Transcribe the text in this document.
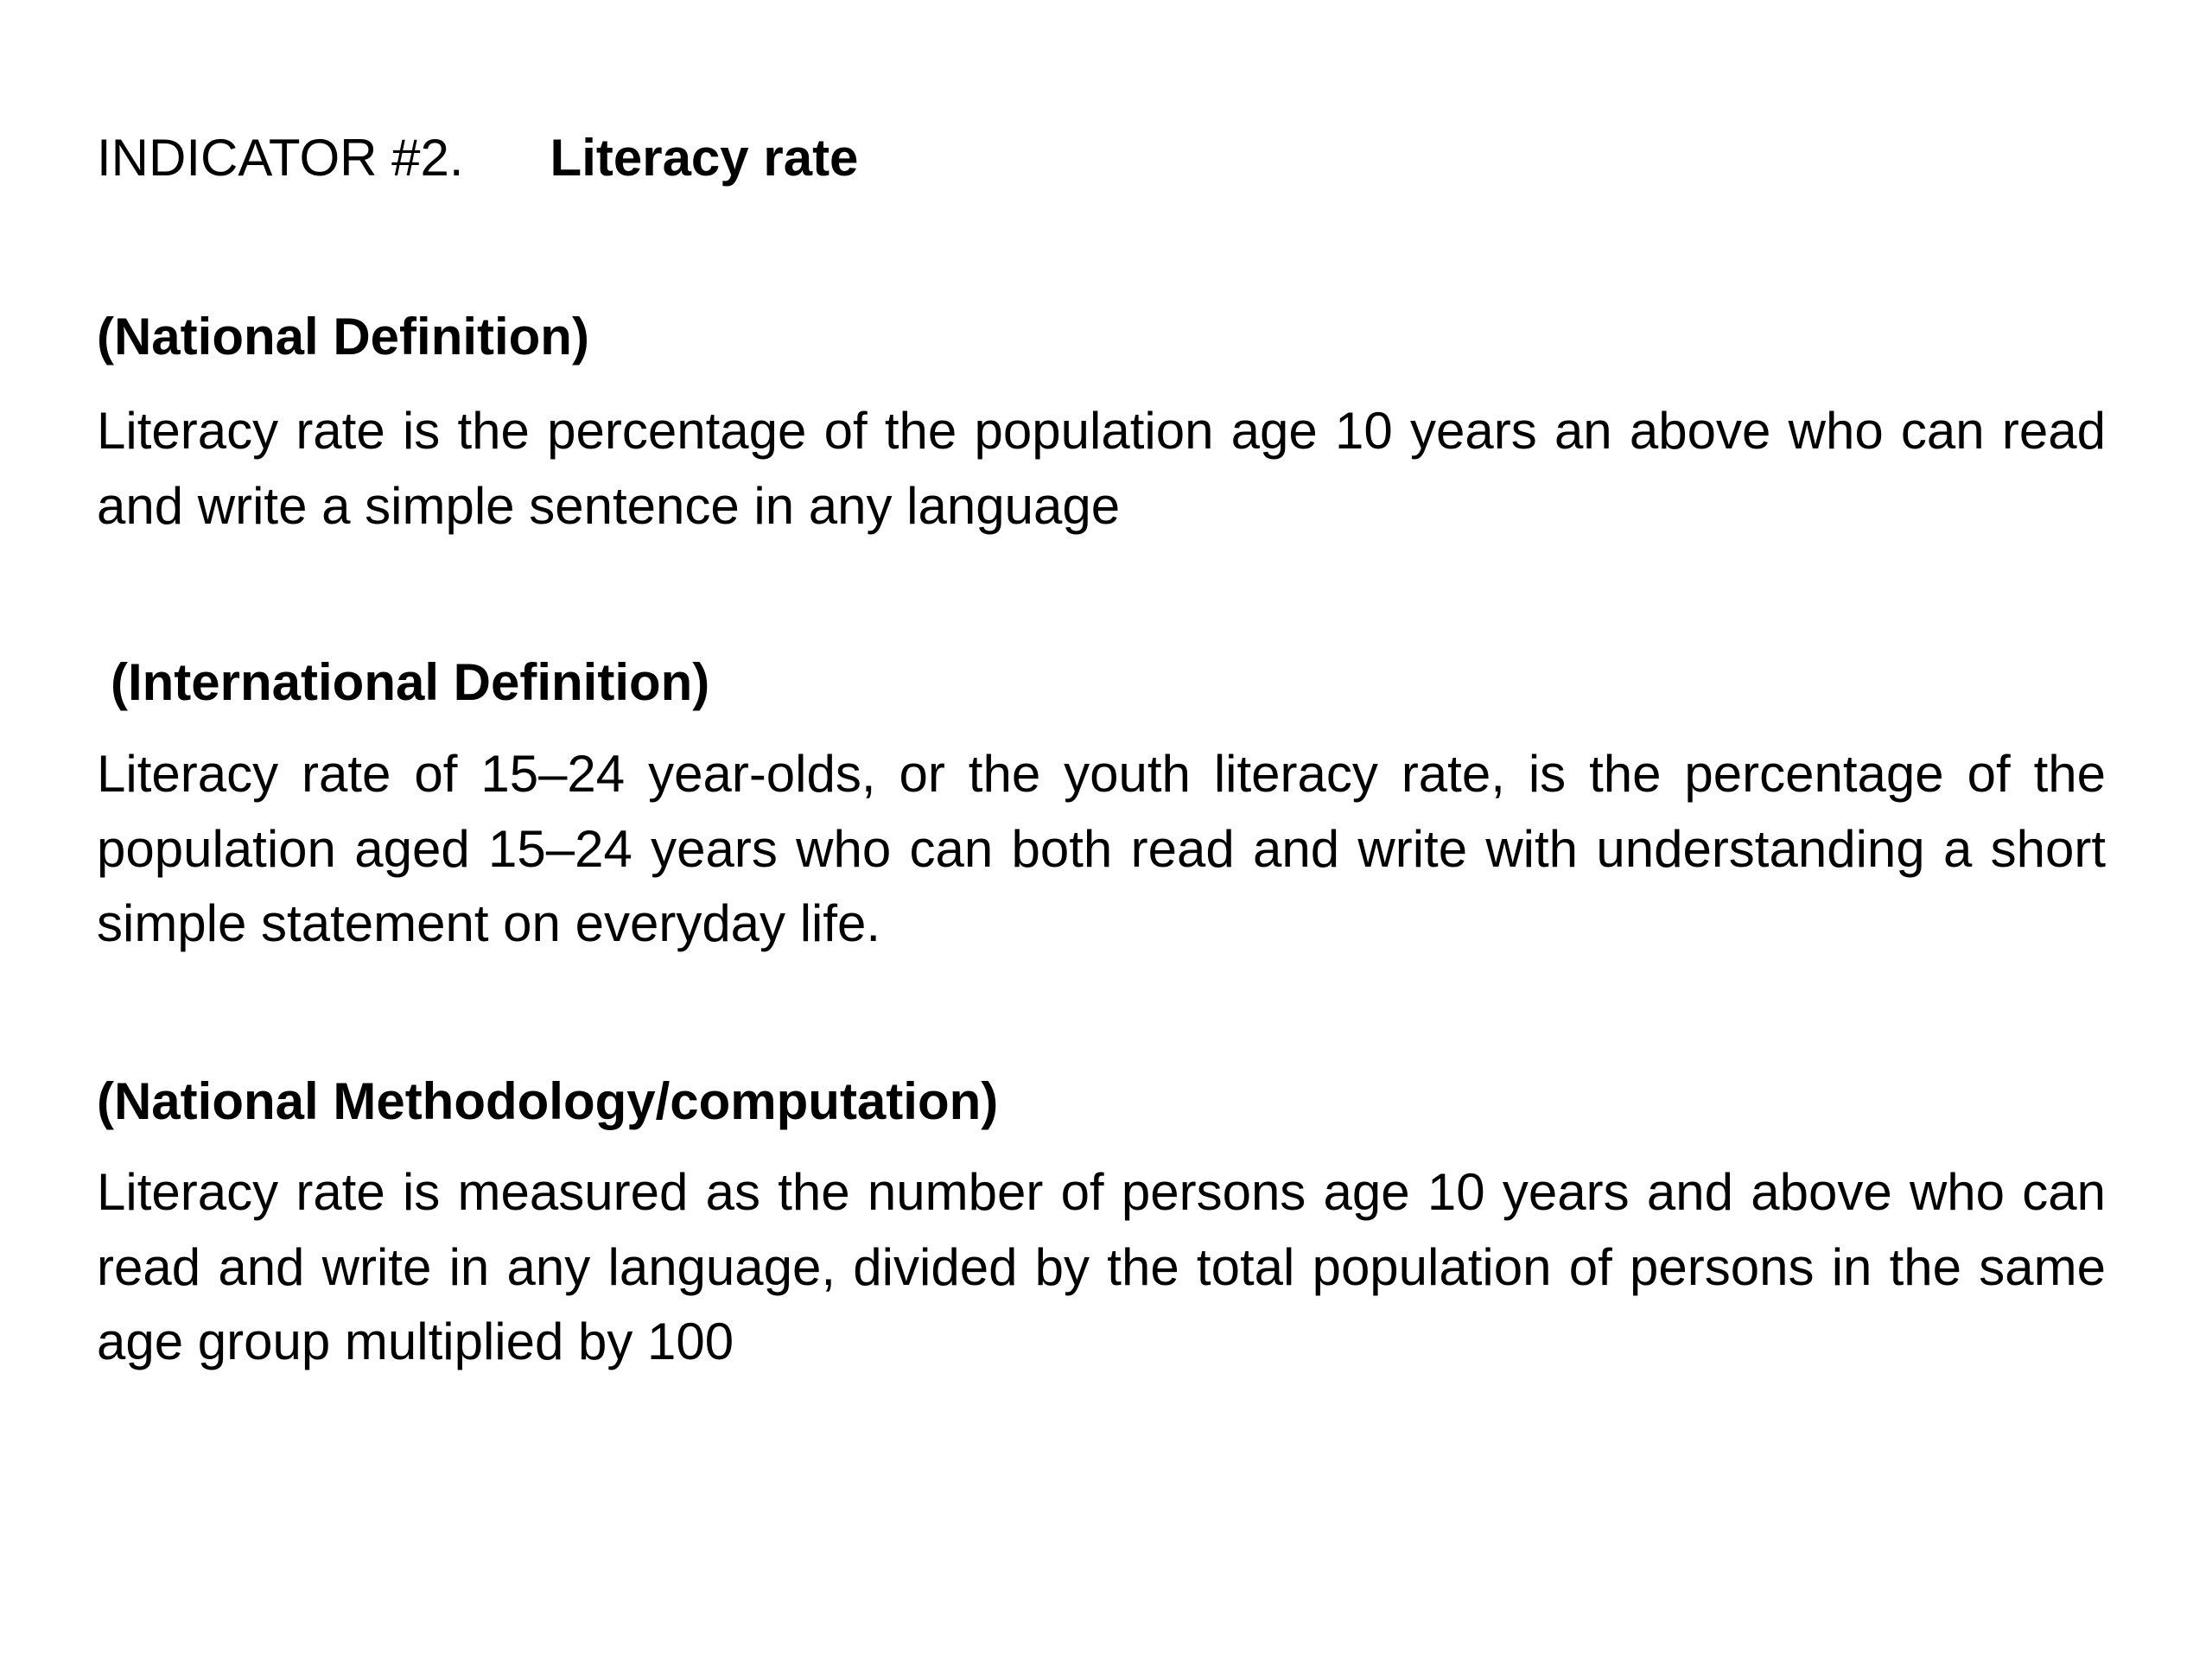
INDICATOR #2. Literacy rate
(National Definition)
Literacy rate is the percentage of the population age 10 years an above who can read and write a simple sentence in any language
(International Definition)
Literacy rate of 15–24 year-olds, or the youth literacy rate, is the percentage of the population aged 15–24 years who can both read and write with understanding a short simple statement on everyday life.
(National Methodology/computation)
Literacy rate is measured as the number of persons age 10 years and above who can read and write in any language, divided by the total population of persons in the same age group multiplied by 100
